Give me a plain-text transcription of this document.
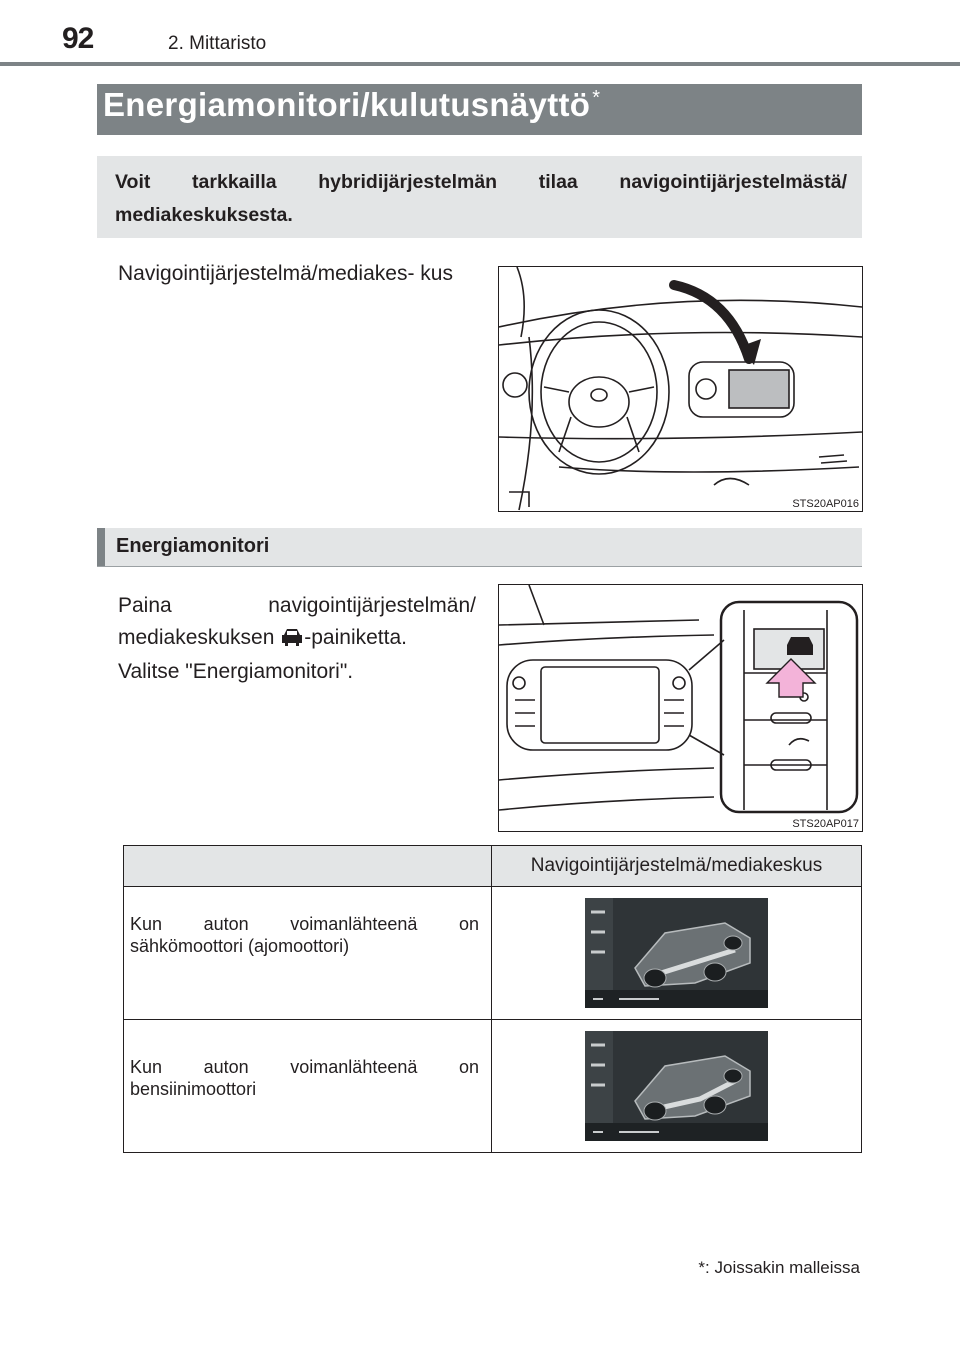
92	2. Mittaristo
Energiamonitori/kulutusnäyttö *
Voit tarkkailla hybridijärjestelmän tilaa navigointijärjestelmästä/ mediakeskuksesta.
Navigointijärjestelmä/mediakes- kus
STS20AP016
Energiamonitori
Paina navigointijärjestelmän/ mediakeskuksen -painiketta.
Valitse "Energiamonitori".
STS20AP017
	Navigointijärjestelmä/mediakeskus
Kun auton voimanlähteenä on sähkömoottori (ajomoottori)	
Kun auton voimanlähteenä on bensiinimoottori	
*: Joissakin malleissa
